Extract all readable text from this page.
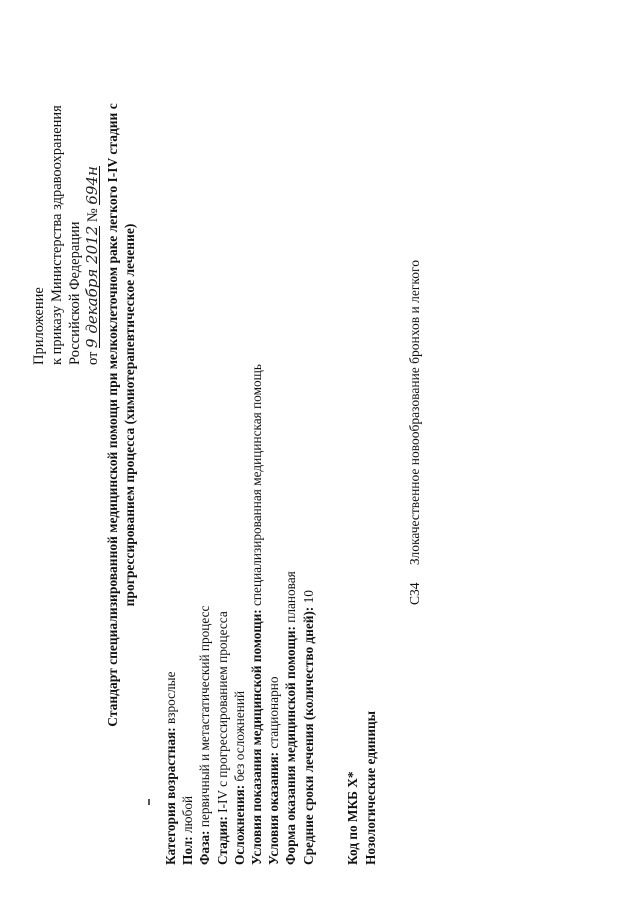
Приложение к приказу Министерства здравоохранения Российской Федерации от 9 декабря 2012 № 694н Стандарт специализированной медицинской помощи при мелкоклеточном раке легкого I-IV стадии с прогрессированием процесса (химиотерапевтическое лечение)
Категория возрастная: взрослые
Пол: любой
Фаза: первичный и метастатический процесс
Стадия: I-IV с прогрессированием процесса
Осложнения: без осложнений Условия показания медицинской помощи: специализированная медицинская помощь
Условия оказания: стационарно Форма оказания медицинской помощи: плановая
Средние сроки лечения (количество дней): 10
Код по МКБ X* Нозологические единицы
С34 Злокачественное новообразование бронхов и легкого
